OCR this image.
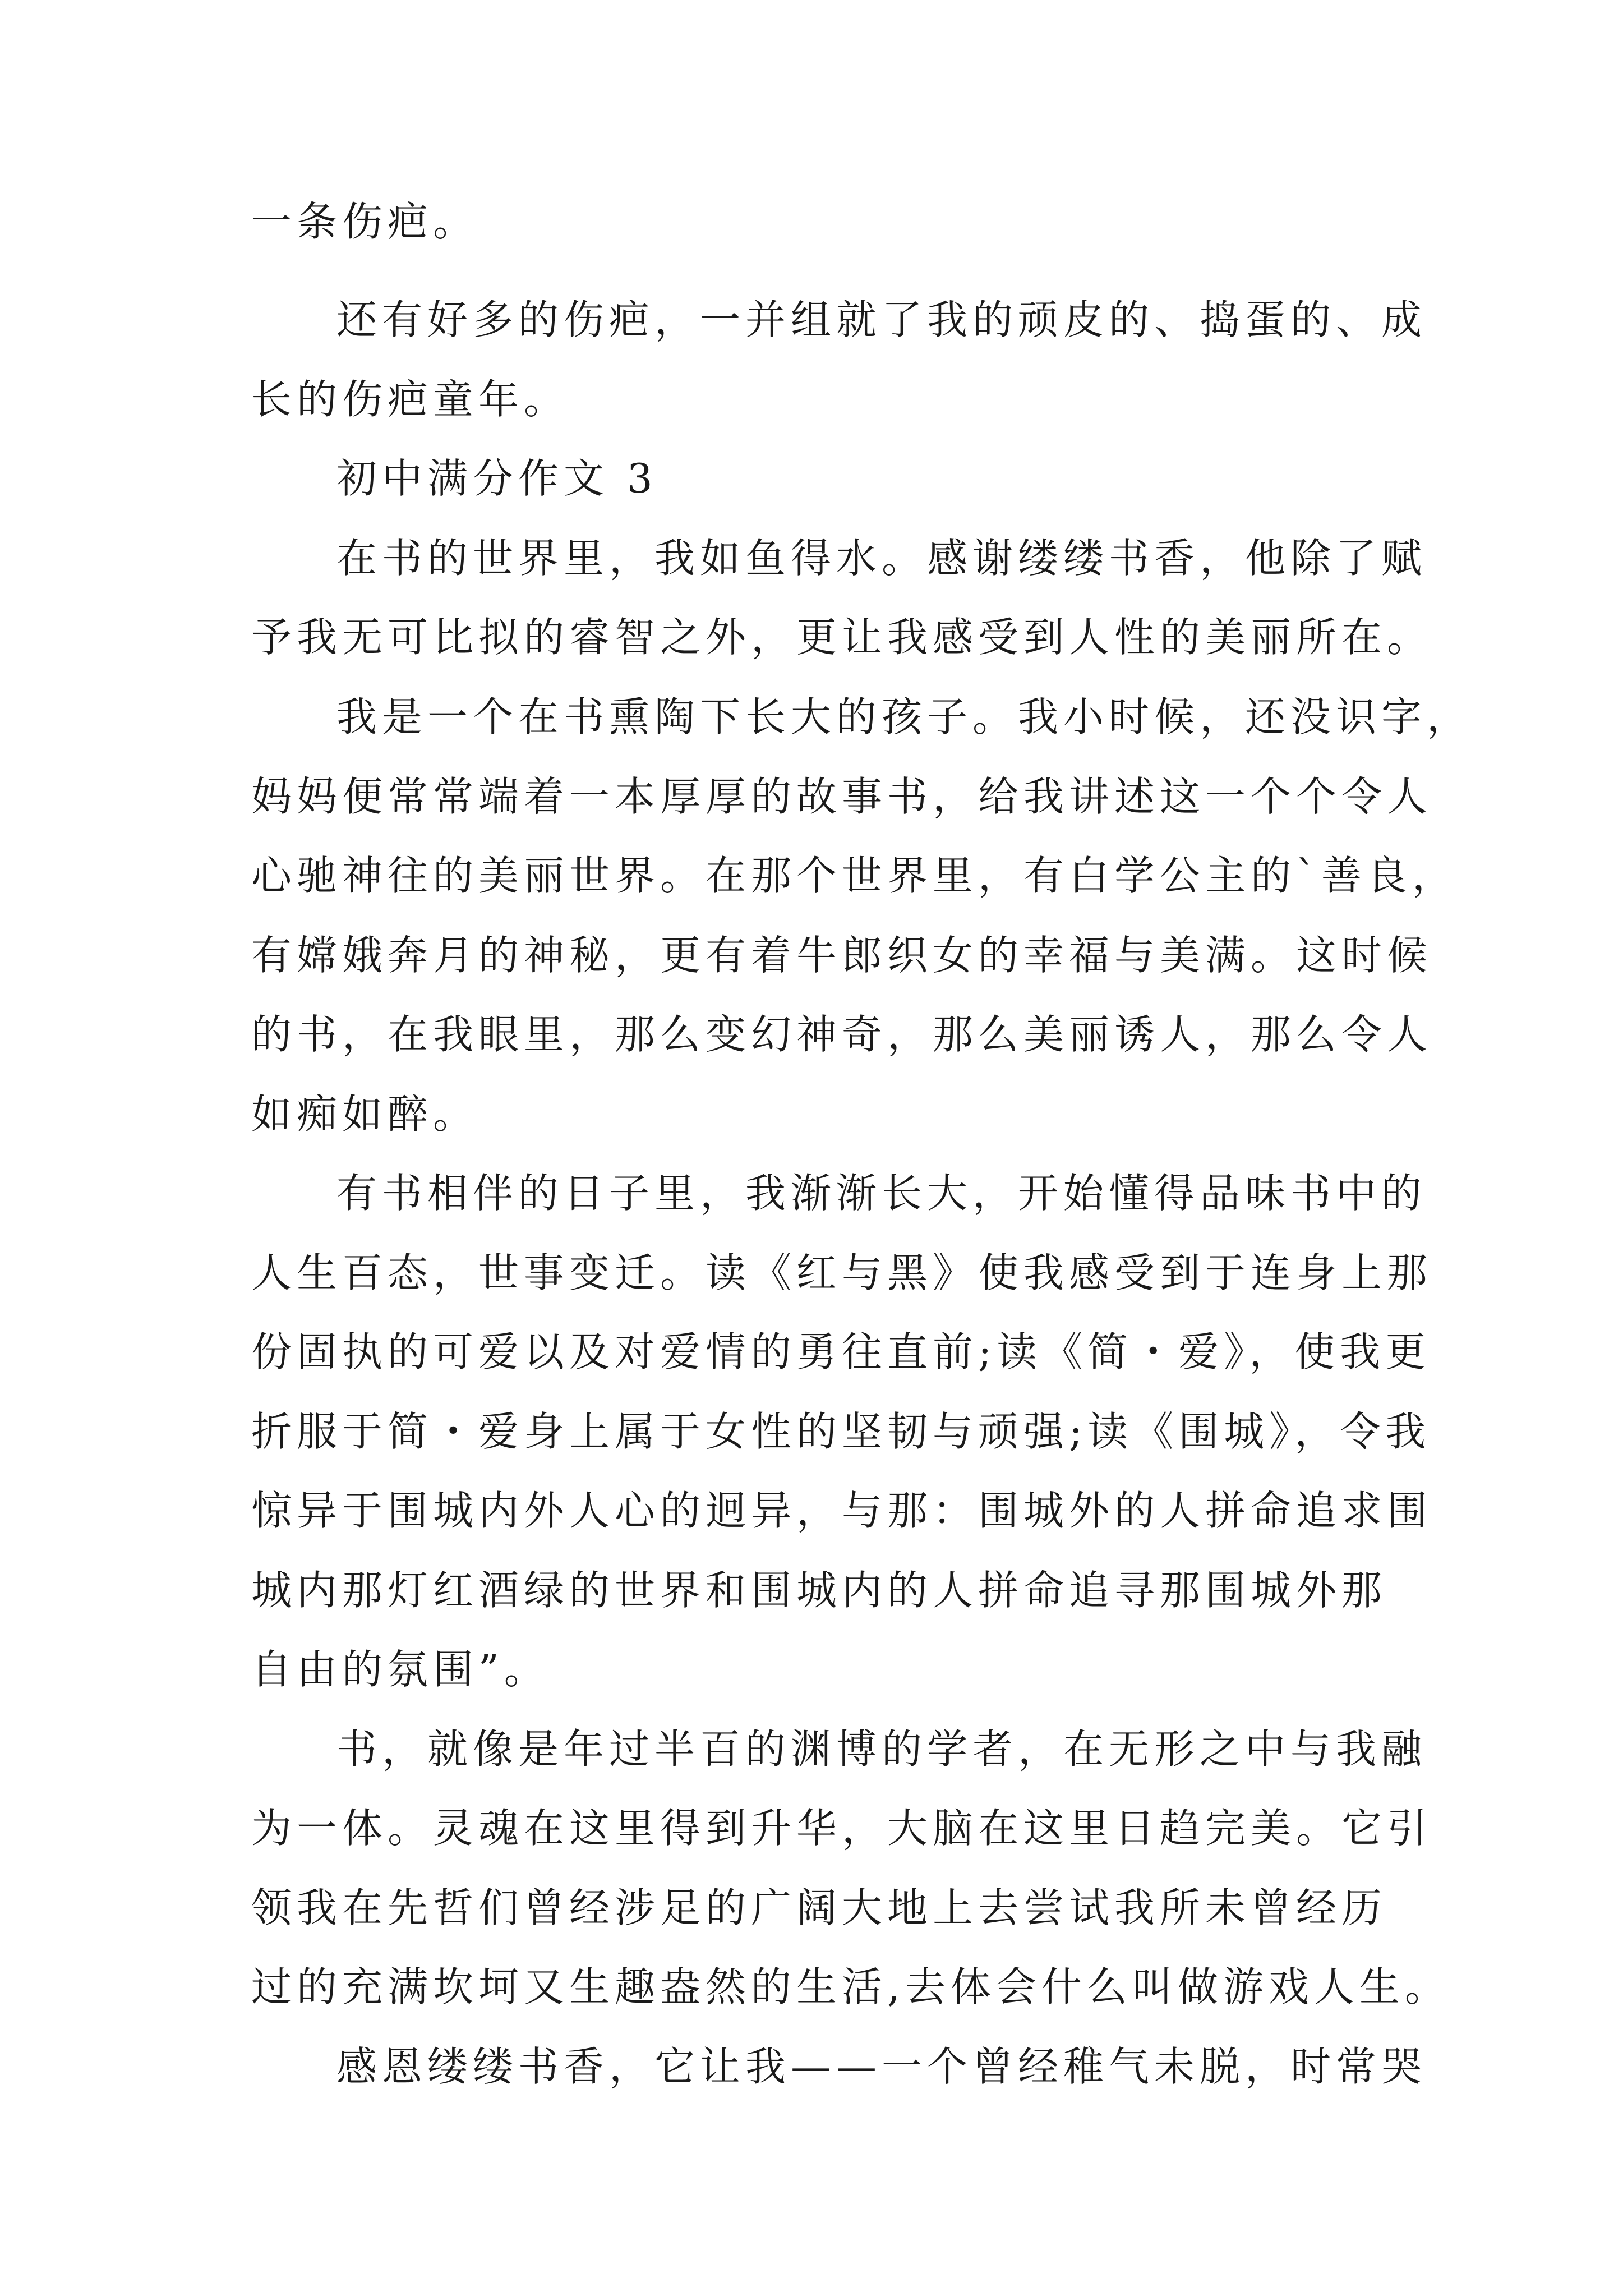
一条伤疤。
还有好多的伤疤，一并组就了我的顽皮的、捣蛋的、成
长的伤疤童年。
初中满分作文 3
在书的世界里，我如鱼得水。感谢缕缕书香，他除了赋
予我无可比拟的睿智之外，更让我感受到人性的美丽所在。
我是一个在书熏陶下长大的孩子。我小时候，还没识字，
妈妈便常常端着一本厚厚的故事书，给我讲述这一个个令人
心驰神往的美丽世界。在那个世界里，有白学公主的`善良，
有嫦娥奔月的神秘，更有着牛郎织女的幸福与美满。这时候
的书，在我眼里，那么变幻神奇，那么美丽诱人，那么令人
如痴如醉。
有书相伴的日子里，我渐渐长大，开始懂得品味书中的
人生百态，世事变迁。读《红与黑》使我感受到于连身上那
份固执的可爱以及对爱情的勇往直前;读《简・爱》，使我更
折服于简・爱身上属于女性的坚韧与顽强;读《围城》，令我
惊异于围城内外人心的迥异，与那：围城外的人拼命追求围
城内那灯红酒绿的世界和围城内的人拼命追寻那围城外那
自由的氛围”。
书，就像是年过半百的渊博的学者，在无形之中与我融
为一体。灵魂在这里得到升华，大脑在这里日趋完美。它引
领我在先哲们曾经涉足的广阔大地上去尝试我所未曾经历
过的充满坎坷又生趣盎然的生活,去体会什么叫做游戏人生。
感恩缕缕书香，它让我——一个曾经稚气未脱，时常哭
